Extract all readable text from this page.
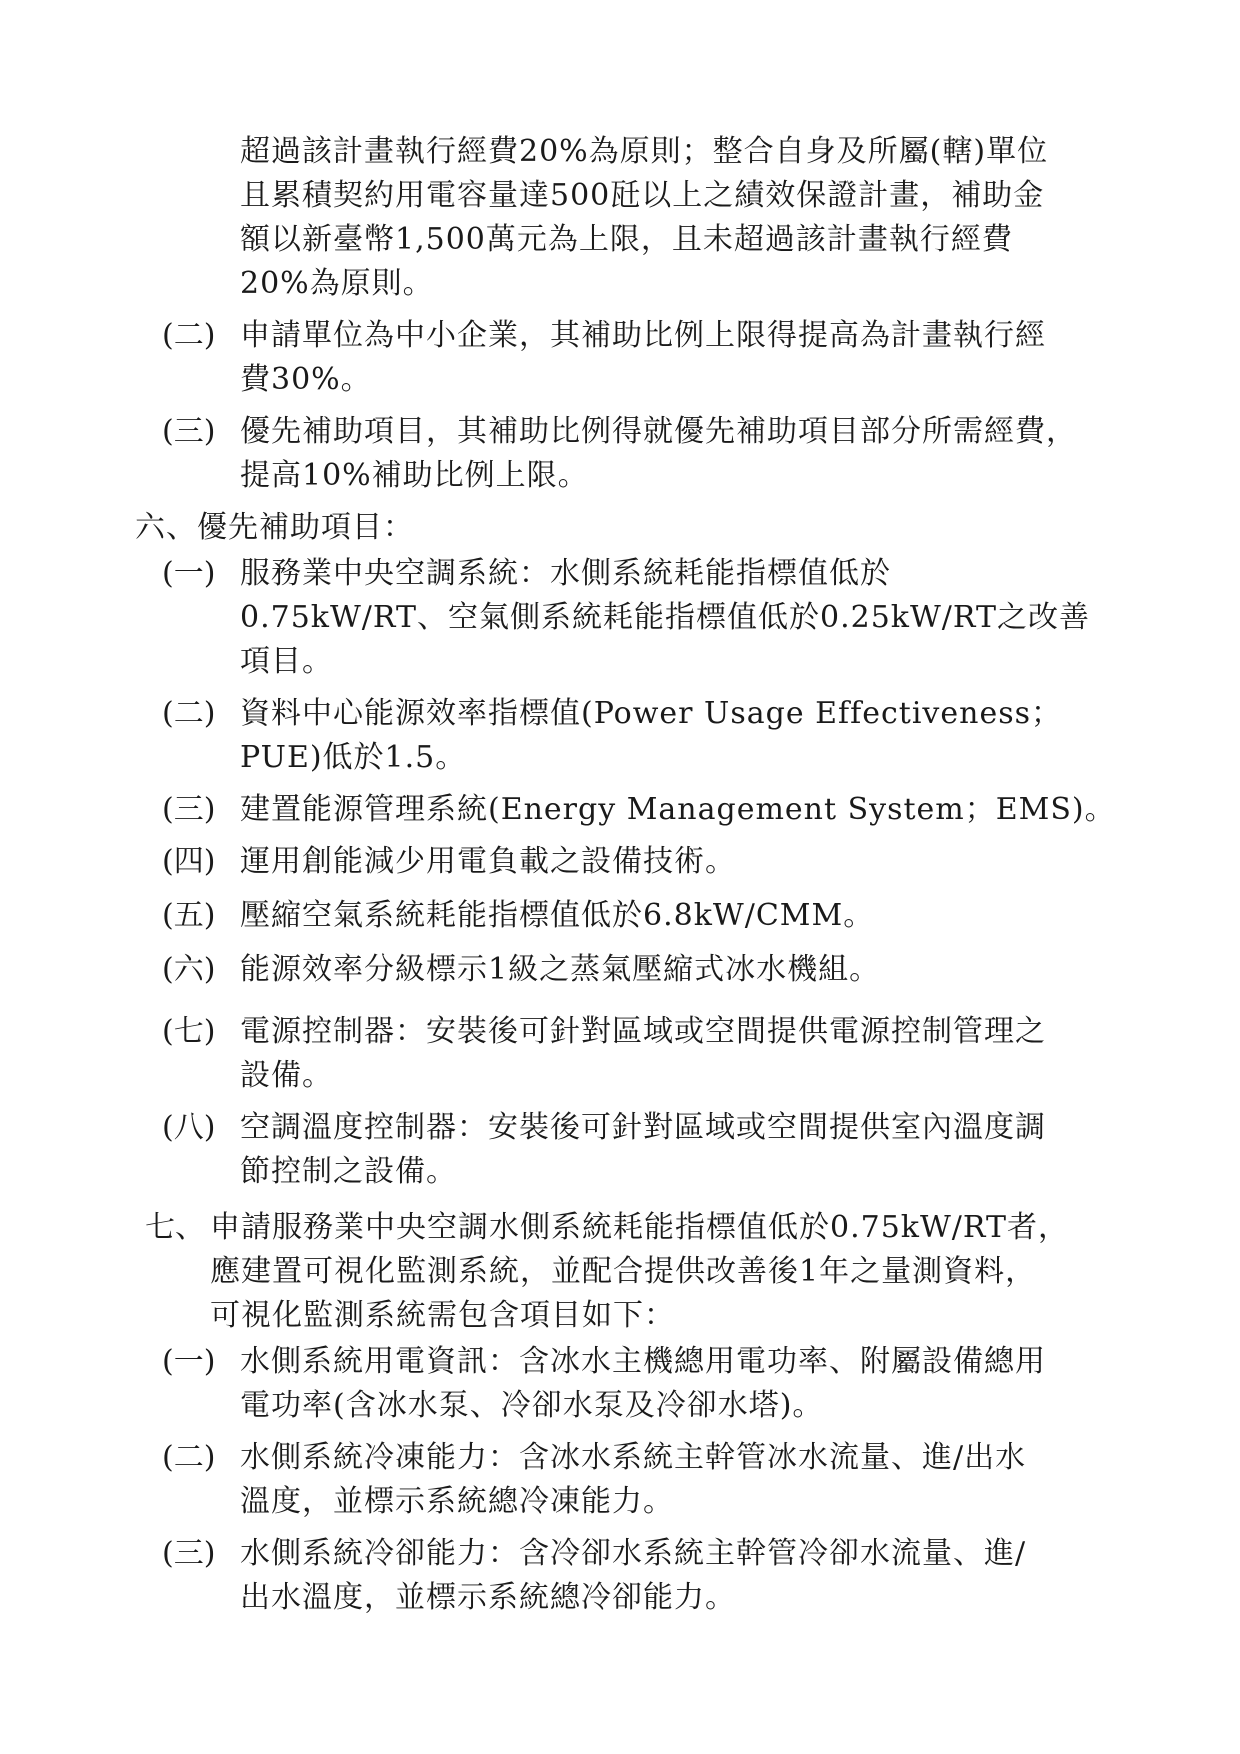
超過該計畫執行經費20%為原則；整合自身及所屬(轄)單位
且累積契約用電容量達500瓩以上之績效保證計畫，補助金
額以新臺幣1,500萬元為上限，且未超過該計畫執行經費
20%為原則。
(二) 申請單位為中小企業，其補助比例上限得提高為計畫執行經
費30%。
(三) 優先補助項目，其補助比例得就優先補助項目部分所需經費，
提高10%補助比例上限。
六、優先補助項目：
(一) 服務業中央空調系統：水側系統耗能指標值低於
0.75kW/RT、空氣側系統耗能指標值低於0.25kW/RT之改善
項目。
(二) 資料中心能源效率指標值(Power Usage Effectiveness；
PUE)低於1.5。
(三) 建置能源管理系統(Energy Management System；EMS)。
(四) 運用創能減少用電負載之設備技術。
(五) 壓縮空氣系統耗能指標值低於6.8kW/CMM。
(六) 能源效率分級標示1級之蒸氣壓縮式冰水機組。
(七) 電源控制器：安裝後可針對區域或空間提供電源控制管理之
設備。
(八) 空調溫度控制器：安裝後可針對區域或空間提供室內溫度調
節控制之設備。
七、 申請服務業中央空調水側系統耗能指標值低於0.75kW/RT者，
應建置可視化監測系統，並配合提供改善後1年之量測資料，
可視化監測系統需包含項目如下：
(一) 水側系統用電資訊：含冰水主機總用電功率、附屬設備總用
電功率(含冰水泵、冷卻水泵及冷卻水塔)。
(二) 水側系統冷凍能力：含冰水系統主幹管冰水流量、進/出水
溫度，並標示系統總冷凍能力。
(三) 水側系統冷卻能力：含冷卻水系統主幹管冷卻水流量、進/
出水溫度，並標示系統總冷卻能力。
